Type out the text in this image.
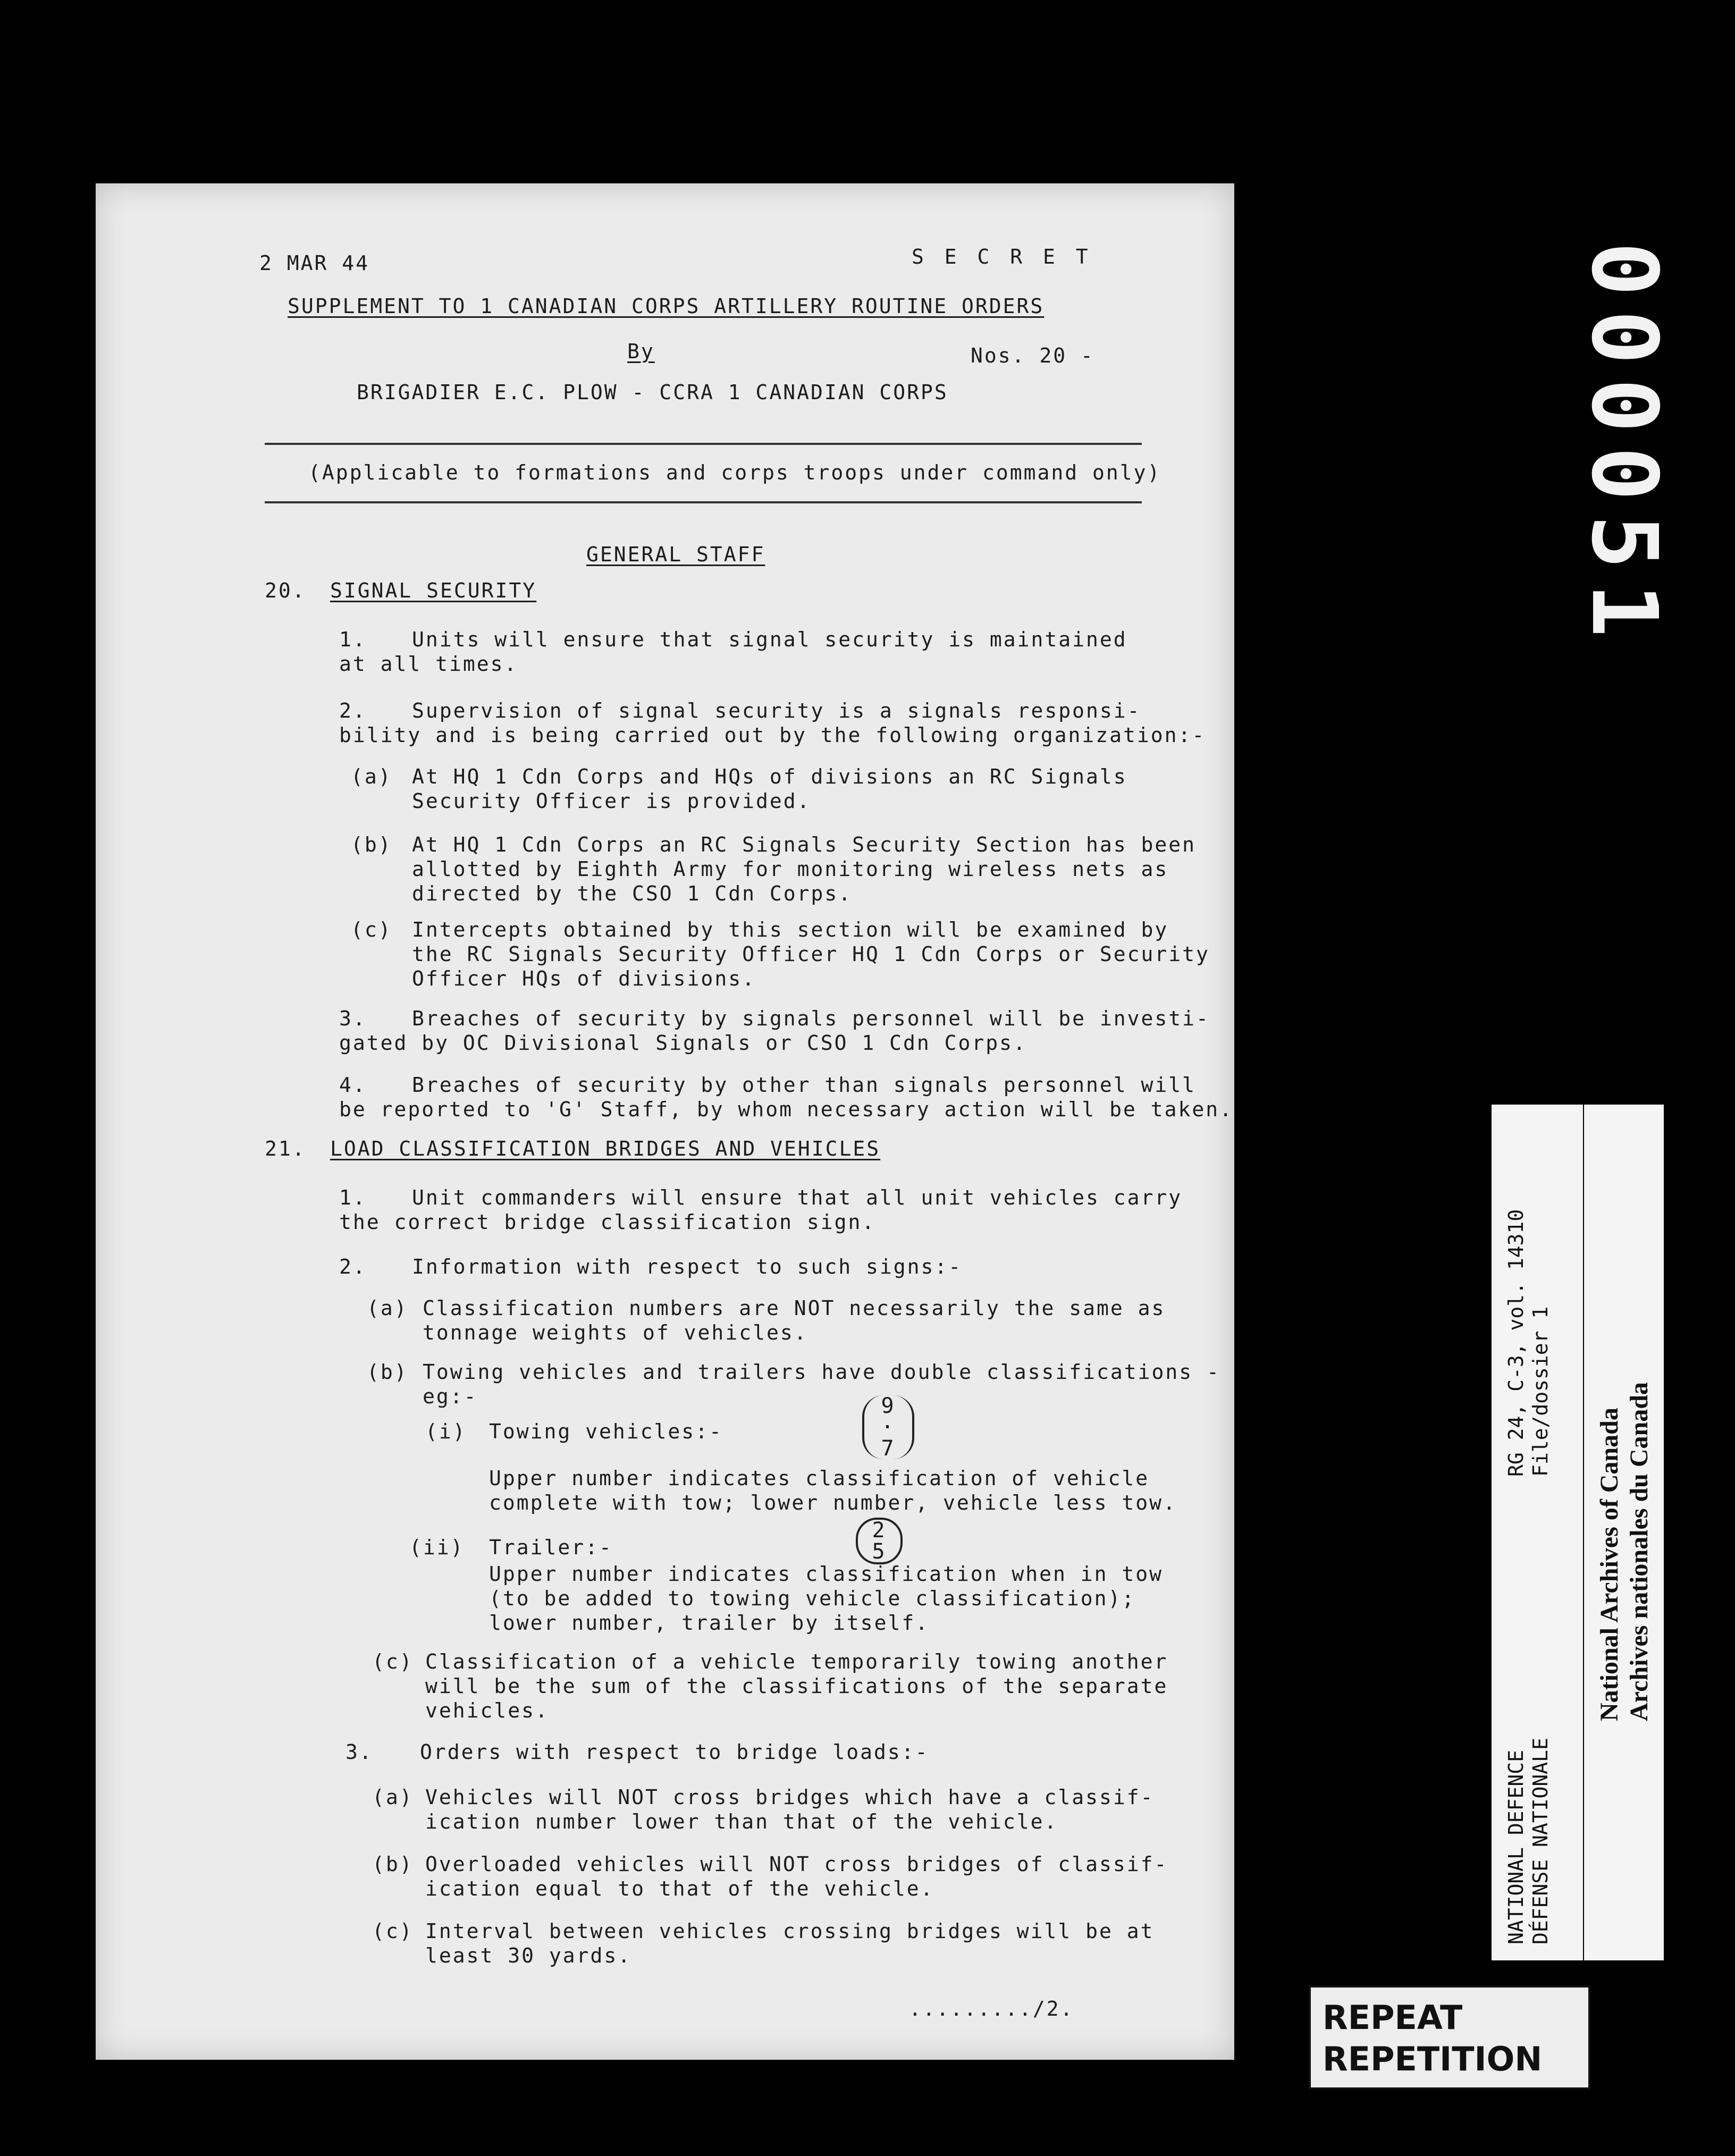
2 MAR 44	S E C R E T
SUPPLEMENT TO 1 CANADIAN CORPS ARTILLERY ROUTINE ORDERS
By	Nos. 20 -
BRIGADIER E.C. PLOW - CCRA 1 CANADIAN CORPS
(Applicable to formations and corps troops under command only)
GENERAL STAFF
20. SIGNAL SECURITY
1. Units will ensure that signal security is maintained
at all times.
2. Supervision of signal security is a signals responsi-
bility and is being carried out by the following organization:-
(a) At HQ 1 Cdn Corps and HQs of divisions an RC Signals
Security Officer is provided.
(b) At HQ 1 Cdn Corps an RC Signals Security Section has been
allotted by Eighth Army for monitoring wireless nets as
directed by the CSO 1 Cdn Corps.
(c) Intercepts obtained by this section will be examined by
the RC Signals Security Officer HQ 1 Cdn Corps or Security
Officer HQs of divisions.
3. Breaches of security by signals personnel will be investi-
gated by OC Divisional Signals or CSO 1 Cdn Corps.
4. Breaches of security by other than signals personnel will
be reported to 'G' Staff, by whom necessary action will be taken.
21. LOAD CLASSIFICATION BRIDGES AND VEHICLES
1. Unit commanders will ensure that all unit vehicles carry
the correct bridge classification sign.
2. Information with respect to such signs:-
(a) Classification numbers are NOT necessarily the same as
tonnage weights of vehicles.
(b) Towing vehicles and trailers have double classifications -
eg:-
(i) Towing vehicles:-
9
·
7
Upper number indicates classification of vehicle
complete with tow; lower number, vehicle less tow.
(ii) Trailer:-
2
5
Upper number indicates classification when in tow
(to be added to towing vehicle classification);
lower number, trailer by itself.
(c) Classification of a vehicle temporarily towing another
will be the sum of the classifications of the separate
vehicles.
3. Orders with respect to bridge loads:-
(a) Vehicles will NOT cross bridges which have a classif-
ication number lower than that of the vehicle.
(b) Overloaded vehicles will NOT cross bridges of classif-
ication equal to that of the vehicle.
(c) Interval between vehicles crossing bridges will be at
least 30 yards.
........./2.
000051
RG 24, C-3, vol. 14310 File/dossier 1
NATIONAL DEFENCE DÉFENSE NATIONALE
National Archives of Canada Archives nationales du Canada
REPEAT
REPETITION
